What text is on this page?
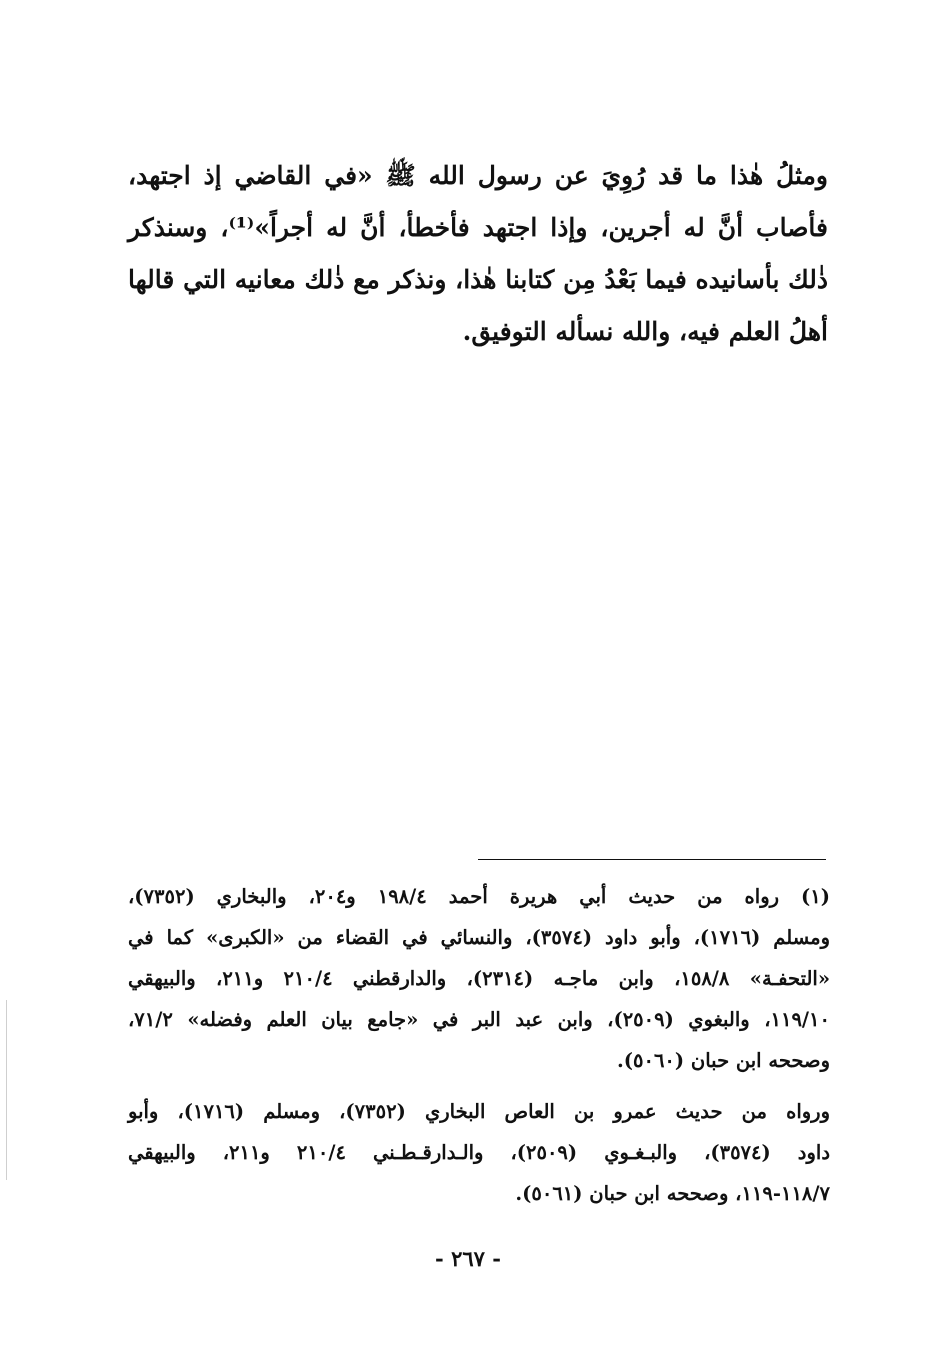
ومثلُ هٰذا ما قد رُوِيَ عن رسول الله ﷺ «في القاضي إذ اجتهد،
فأصاب أنَّ له أجرين، وإذا اجتهد فأخطأ، أنَّ له أجراً»⁽¹⁾، وسنذكر
ذٰلك بأسانيده فيما بَعْدُ مِن كتابنا هٰذا، ونذكر مع ذٰلك معانيه التي قالها
أهلُ العلم فيه، والله نسأله التوفيق.
(١) رواه من حديث أبي هريرة أحمد ١٩٨/٤ و٢٠٤، والبخاري (٧٣٥٢)،
ومسلم (١٧١٦)، وأبو داود (٣٥٧٤)، والنسائي في القضاء من «الكبرى» كما في
«التحفـة» ١٥٨/٨، وابن ماجـه (٢٣١٤)، والدارقطني ٢١٠/٤ و٢١١، والبيهقي
١١٩/١٠، والبغوي (٢٥٠٩)، وابن عبد البر في «جامع بيان العلم وفضله» ٧١/٢،
وصححه ابن حبان (٥٠٦٠).
ورواه من حديث عمرو بن العاص البخاري (٧٣٥٢)، ومسلم (١٧١٦)، وأبو
داود (٣٥٧٤)، والبـغـوي (٢٥٠٩)، والـدارقـطـني ٢١٠/٤ و٢١١، والبيهقي
١١٨/٧-١١٩، وصححه ابن حبان (٥٠٦١).
- ٢٦٧ -
